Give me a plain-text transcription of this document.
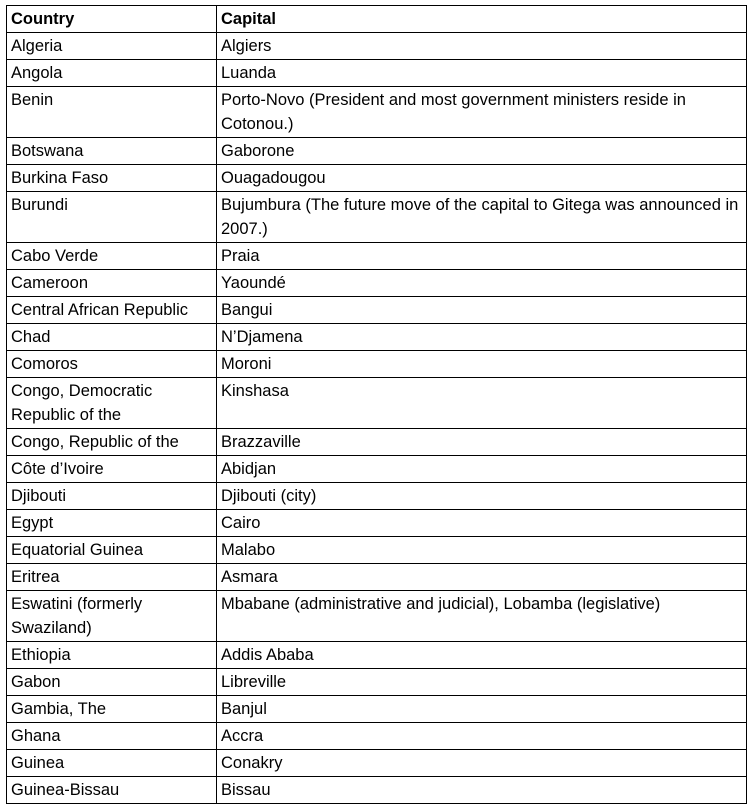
Country	Capital
Algeria	Algiers
Angola	Luanda
Benin	Porto-Novo (President and most government ministers reside in Cotonou.)
Botswana	Gaborone
Burkina Faso	Ouagadougou
Burundi	Bujumbura (The future move of the capital to Gitega was announced in 2007.)
Cabo Verde	Praia
Cameroon	Yaoundé
Central African Republic	Bangui
Chad	N’Djamena
Comoros	Moroni
Congo, Democratic Republic of the	Kinshasa
Congo, Republic of the	Brazzaville
Côte d’Ivoire	Abidjan
Djibouti	Djibouti (city)
Egypt	Cairo
Equatorial Guinea	Malabo
Eritrea	Asmara
Eswatini (formerly Swaziland)	Mbabane (administrative and judicial), Lobamba (legislative)
Ethiopia	Addis Ababa
Gabon	Libreville
Gambia, The	Banjul
Ghana	Accra
Guinea	Conakry
Guinea-Bissau	Bissau
